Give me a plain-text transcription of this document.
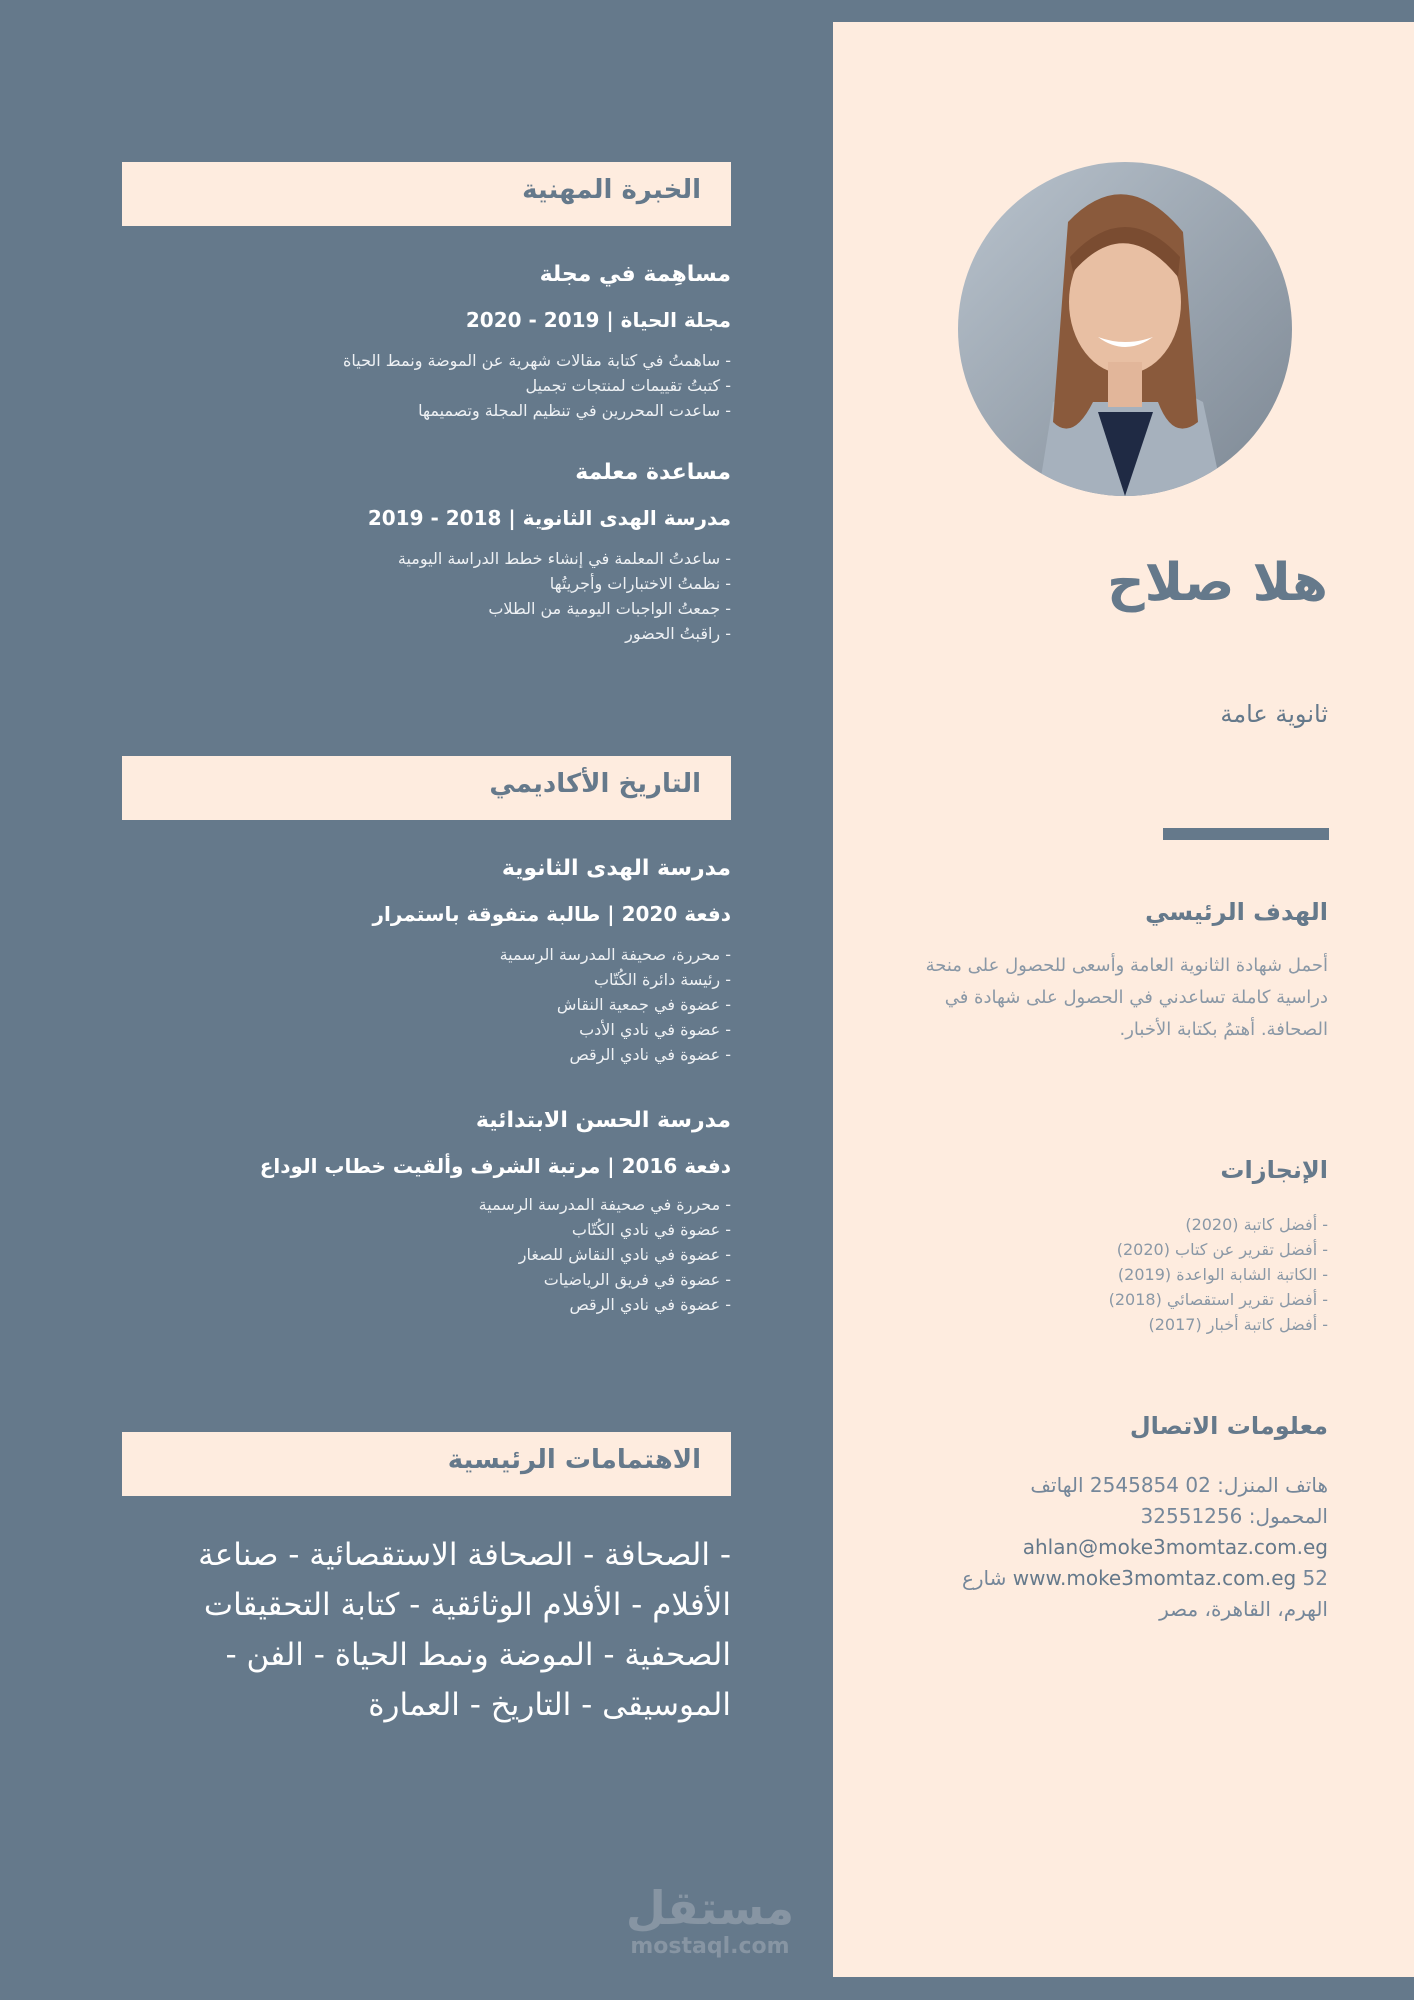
هلا صلاح
ثانوية عامة
الهدف الرئيسي
أحمل شهادة الثانوية العامة وأسعى للحصول على منحة دراسية كاملة تساعدني في الحصول على شهادة في الصحافة. أهتمُ بكتابة الأخبار.
الإنجازات
- أفضل كاتبة (2020)
- أفضل تقرير عن كتاب (2020)
- الكاتبة الشابة الواعدة (2019)
- أفضل تقرير استقصائي (2018)
- أفضل كاتبة أخبار (2017)
معلومات الاتصال
هاتف المنزل: 02 2545854 الهاتف
المحمول: 32551256
ahlan@moke3momtaz.com.eg
52 www.moke3momtaz.com.eg شارع الهرم، القاهرة، مصر
الخبرة المهنية
مساهِمة في مجلة
مجلة الحياة | 2019 - 2020
- ساهمتُ في كتابة مقالات شهرية عن الموضة ونمط الحياة
- كتبتُ تقييمات لمنتجات تجميل
- ساعدت المحررين في تنظيم المجلة وتصميمها
مساعدة معلمة
مدرسة الهدى الثانوية | 2018 - 2019
- ساعدتُ المعلمة في إنشاء خطط الدراسة اليومية
- نظمتُ الاختبارات وأجريتُها
- جمعتُ الواجبات اليومية من الطلاب
- راقبتُ الحضور
التاريخ الأكاديمي
مدرسة الهدى الثانوية
دفعة 2020 | طالبة متفوقة باستمرار
- محررة، صحيفة المدرسة الرسمية
- رئيسة دائرة الكُتّاب
- عضوة في جمعية النقاش
- عضوة في نادي الأدب
- عضوة في نادي الرقص
مدرسة الحسن الابتدائية
دفعة 2016 | مرتبة الشرف وألقيت خطاب الوداع
- محررة في صحيفة المدرسة الرسمية
- عضوة في نادي الكُتّاب
- عضوة في نادي النقاش للصغار
- عضوة في فريق الرياضيات
- عضوة في نادي الرقص
الاهتمامات الرئيسية
- الصحافة - الصحافة الاستقصائية - صناعة الأفلام - الأفلام الوثائقية - كتابة التحقيقات الصحفية - الموضة ونمط الحياة - الفن - الموسيقى - التاريخ - العمارة
مستقل
mostaql.com
